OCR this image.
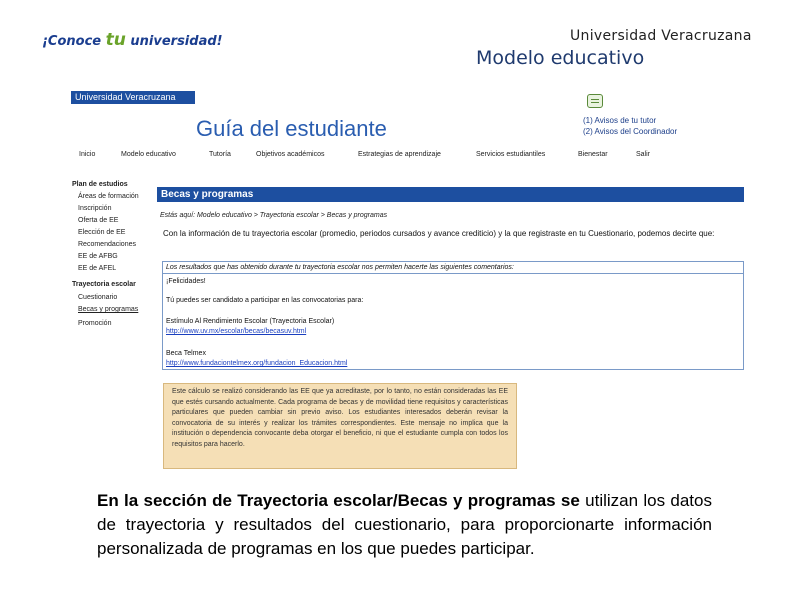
¡Conoce tu universidad!	Universidad Veracruzana
Modelo educativo
Universidad Veracruzana
Guía del estudiante	(1) Avisos de tu tutor
(2) Avisos del Coordinador
Inicio	Modelo educativo	Tutoría	Objetivos académicos	Estrategias de aprendizaje	Servicios estudiantiles	Bienestar	Salir
Plan de estudios
Áreas de formación
Inscripción
Oferta de EE
Elección de EE
Recomendaciones
EE de AFBG
EE de AFEL
Trayectoria escolar
Cuestionario
Becas y programas
Promoción
Becas y programas
Estás aquí: Modelo educativo > Trayectoria escolar > Becas y programas
Con la información de tu trayectoria escolar (promedio, periodos cursados y avance crediticio) y la que registraste en tu Cuestionario, podemos decirte que:
Los resultados que has obtenido durante tu trayectoria escolar nos permiten hacerte las siguientes comentarios:
¡Felicidades!
Tú puedes ser candidato a participar en las convocatorias para:
Estímulo Al Rendimiento Escolar (Trayectoria Escolar)
http://www.uv.mx/escolar/becas/becasuv.html
Beca Telmex
http://www.fundaciontelmex.org/fundacion_Educacion.html
Este cálculo se realizó considerando las EE que ya acreditaste, por lo tanto, no están consideradas las EE que estés cursando actualmente. Cada programa de becas y de movilidad tiene requisitos y características particulares que pueden cambiar sin previo aviso. Los estudiantes interesados deberán revisar la convocatoria de su interés y realizar los trámites correspondientes. Este mensaje no implica que la institución o dependencia convocante deba otorgar el beneficio, ni que el estudiante cumpla con todos los requisitos para hacerlo.
En la sección de Trayectoria escolar/Becas y programas se utilizan los datos de trayectoria y resultados del cuestionario, para proporcionarte información personalizada de programas en los que puedes participar.
